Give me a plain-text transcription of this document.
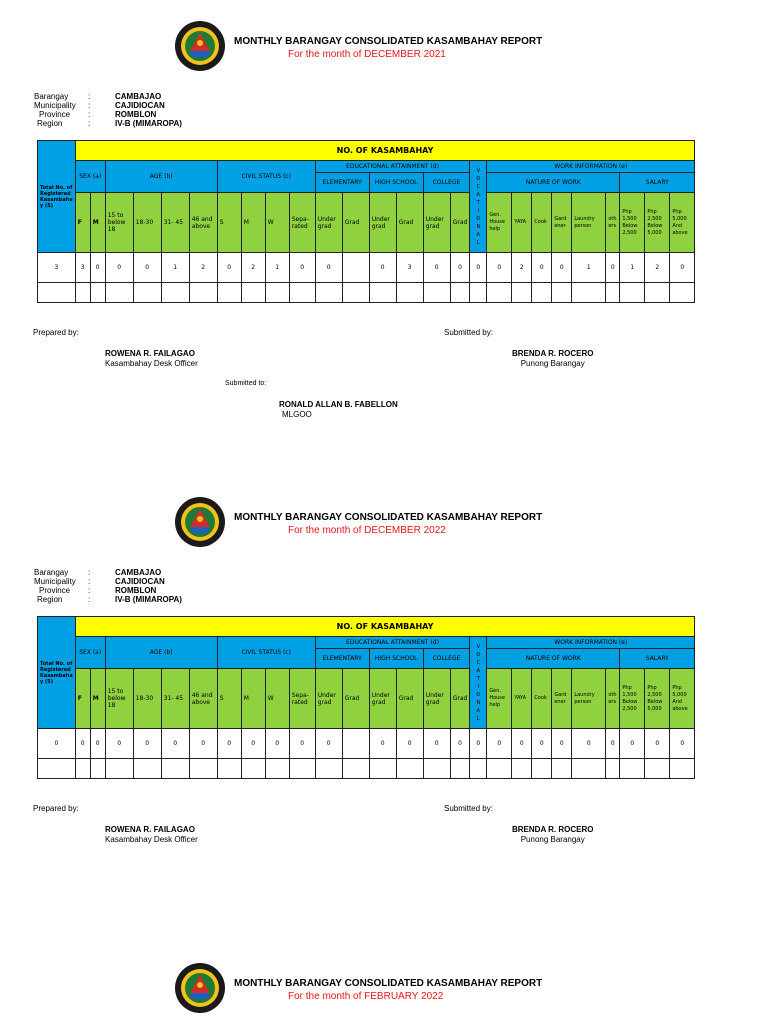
MONTHLY BARANGAY CONSOLIDATED KASAMBAHAY REPORT
For the month of DECEMBER 2021
Barangay :	CAMBAJAO
Municipality :	CAJIDIOCAN
Province :	ROMBLON
Region	:	IV-B (MIMAROPA)
Total No. of Registered Kasambaha y (5)	NO. OF KASAMBAHAY																									
	SEX (a)		AGE (b)				CIVIL STATUS (c)				EDUCATIONAL ATTAINMENT (d)						V O C A T I O N A L	WORK INFORMATION (e)								
											ELEMENTARY		HIGH SCHOOL		COLLEGE			NATURE OF WORK						SALARY		
	F	M	15 to below 18	18-30	31- 45	46 and above	S	M	W	Sepa- rated	Under grad	Grad	Under grad	Grad	Under grad	Grad		Gen. House help	YAYA	Cook	Gard ener	Laundry person	oth ers	Php 1,500 Below 2,500	Php 2,500 Below 5,000	Php 5,000 And above
3	3	0	0	0	1	2	0	2	1	0	0		0	3	0	0	0	0	2	0	0	1	0	1	2	0

Prepared by:	Submitted by:
ROWENA R. FAILAGAO
Kasambahay Desk Officer
BRENDA R. ROCERO
Punong Barangay
Submitted to:
RONALD ALLAN B. FABELLON
MLGOO
MONTHLY BARANGAY CONSOLIDATED KASAMBAHAY REPORT
For the month of DECEMBER 2022
Barangay :	CAMBAJAO
Municipality :	CAJIDIOCAN
Province :	ROMBLON
Region	:	IV-B (MIMAROPA)
Total No. of Registered Kasambaha y (5)	NO. OF KASAMBAHAY																									
	SEX (a)		AGE (b)				CIVIL STATUS (c)				EDUCATIONAL ATTAINMENT (d)						V O C A T I O N A L	WORK INFORMATION (e)								
											ELEMENTARY		HIGH SCHOOL		COLLEGE			NATURE OF WORK						SALARY		
	F	M	15 to below 18	18-30	31- 45	46 and above	S	M	W	Sepa- rated	Under grad	Grad	Under grad	Grad	Under grad	Grad		Gen. House help	YAYA	Cook	Gard ener	Laundry person	oth ers	Php 1,500 Below 2,500	Php 2,500 Below 5,000	Php 5,000 And above
0	0	0	0	0	0	0	0	0	0	0	0		0	0	0	0	0	0	0	0	0	0	0	0	0	0

Prepared by:	Submitted by:
ROWENA R. FAILAGAO
Kasambahay Desk Officer
BRENDA R. ROCERO
Punong Barangay
MONTHLY BARANGAY CONSOLIDATED KASAMBAHAY REPORT
For the month of FEBRUARY 2022
